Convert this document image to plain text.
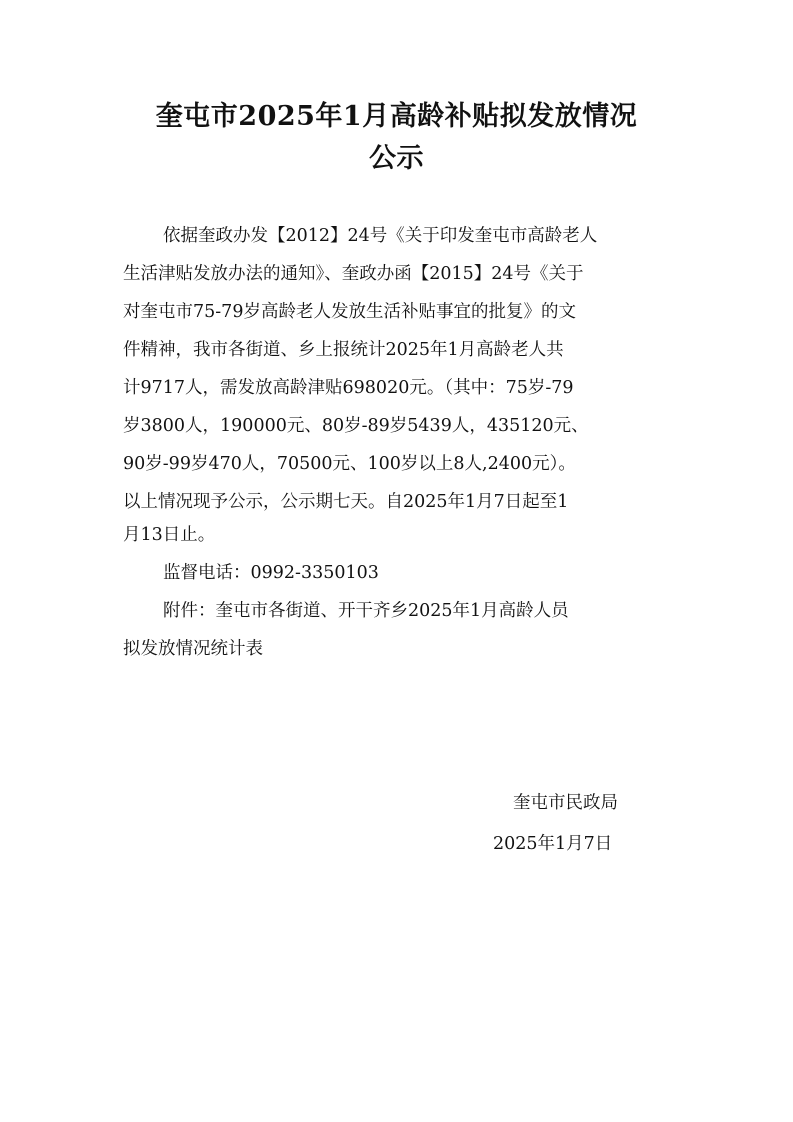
奎屯市2025年1月高龄补贴拟发放情况
公示

依据奎政办发【2012】24号《关于印发奎屯市高龄老人

生活津贴发放办法的通知》、奎政办函【2015】24号《关于

对奎屯市75-79岁高龄老人发放生活补贴事宜的批复》的文

件精神，我市各街道、乡上报统计2025年1月高龄老人共

计9717人，需发放高龄津贴698020元。（其中：75岁-79

岁3800人，190000元、80岁-89岁5439人，435120元、

90岁-99岁470人，70500元、100岁以上8人,2400元）。

以上情况现予公示，公示期七天。自2025年1月7日起至1

月13日止。

监督电话：0992-3350103

附件：奎屯市各街道、开干齐乡2025年1月高龄人员

拟发放情况统计表

奎屯市民政局

2025年1月7日
